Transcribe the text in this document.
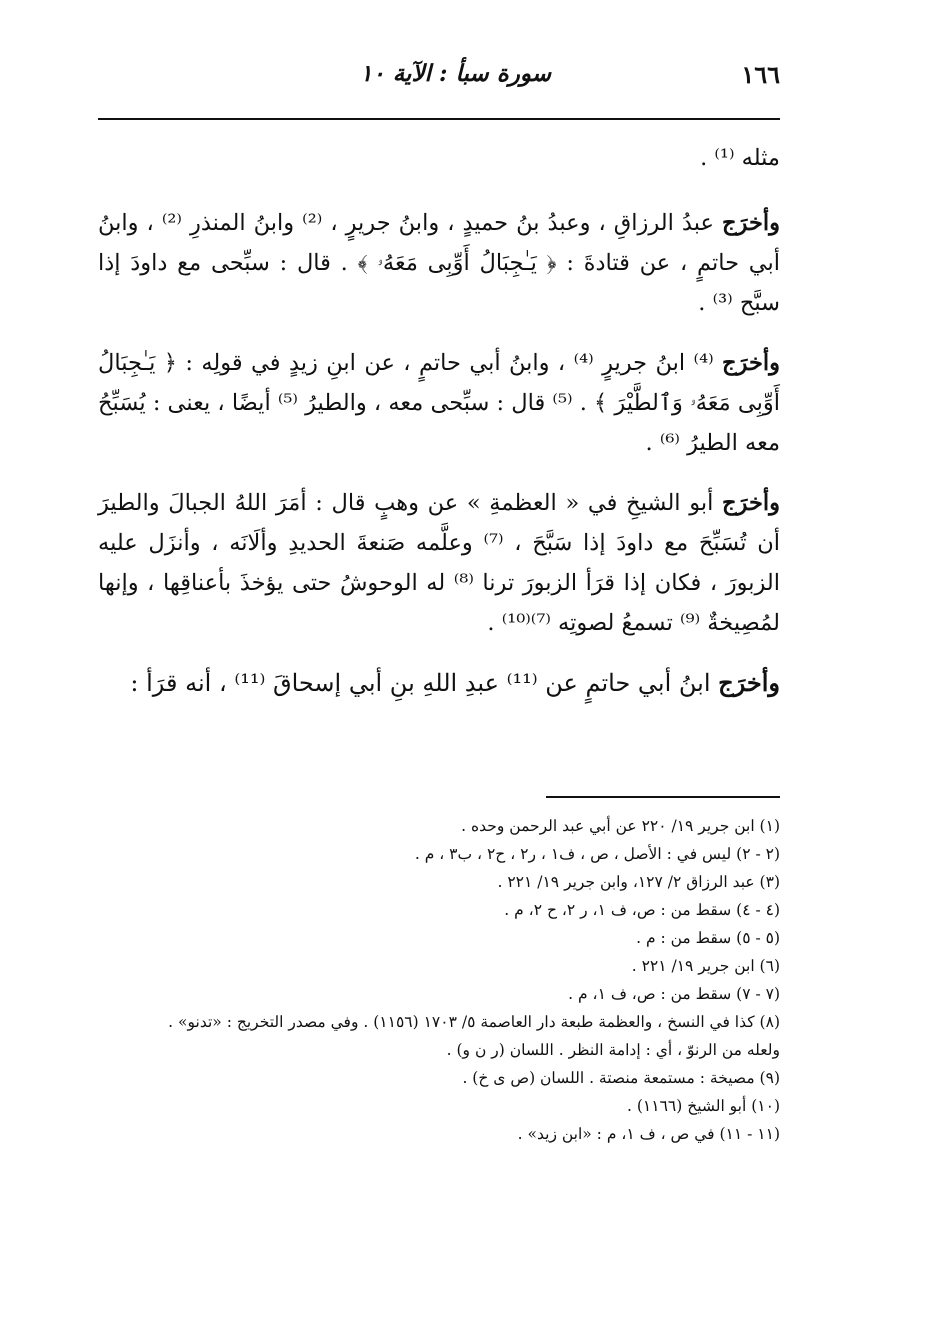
١٦٦
سورة سبأ : الآية ١٠

مثله ⁽¹⁾ .

وأخرَج عبدُ الرزاقِ ، وعبدُ بنُ حميدٍ ، وابنُ جريرٍ ، ⁽²⁾ وابنُ المنذرِ ⁽²⁾ ، وابنُ أبي حاتمٍ ، عن قتادةَ : ﴿ يَـٰجِبَالُ أَوِّبِى مَعَهُۥ ﴾ . قال : سبِّحى مع داودَ إذا سبَّح ⁽³⁾ .

وأخرَج ⁽⁴⁾ ابنُ جريرٍ ⁽⁴⁾ ، وابنُ أبي حاتمٍ ، عن ابنِ زيدٍ في قولِه : ﴿ يَـٰجِبَالُ أَوِّبِى مَعَهُۥ وَٱلطَّيْرَ ﴾ . ⁽⁵⁾ قال : سبِّحى معه ، والطيرُ ⁽⁵⁾ أيضًا ، يعنى : يُسَبِّحُ معه الطيرُ ⁽⁶⁾ .

وأخرَج أبو الشيخِ في « العظمةِ » عن وهبٍ قال : أمَرَ اللهُ الجبالَ والطيرَ أن تُسَبِّحَ مع داودَ إذا سَبَّحَ ، ⁽⁷⁾ وعلَّمه صَنعةَ الحديدِ وألَانَه ، وأنزَل عليه الزبورَ ، فكان إذا قرَأ الزبورَ ترنا ⁽⁸⁾ له الوحوشُ حتى يؤخذَ بأعناقِها ، وإنها لمُصِيخةٌ ⁽⁹⁾ تسمعُ لصوتِه ⁽⁷⁾⁽¹⁰⁾ .

وأخرَج ابنُ أبي حاتمٍ عن ⁽¹¹⁾ عبدِ اللهِ بنِ أبي إسحاقَ ⁽¹¹⁾ ، أنه قرَأ :

(١) ابن جرير ١٩/ ٢٢٠ عن أبي عبد الرحمن وحده .
(٢ - ٢) ليس في : الأصل ، ص ، ف١ ، ر٢ ، ح٢ ، ب٣ ، م .
(٣) عبد الرزاق ٢/ ١٢٧، وابن جرير ١٩/ ٢٢١ .
(٤ - ٤) سقط من : ص، ف ١، ر ٢، ح ٢، م .
(٥ - ٥) سقط من : م .
(٦) ابن جرير ١٩/ ٢٢١ .
(٧ - ٧) سقط من : ص، ف ١، م .
(٨) كذا في النسخ ، والعظمة طبعة دار العاصمة ٥/ ١٧٠٣ (١١٥٦) . وفي مصدر التخريج : «تدنو» .
ولعله من الرنوّ ، أي : إدامة النظر . اللسان (ر ن و) .
(٩) مصيخة : مستمعة منصتة . اللسان (ص ى خ) .
(١٠) أبو الشيخ (١١٦٦) .
(١١ - ١١) في ص ، ف ١، م : «ابن زيد» .
